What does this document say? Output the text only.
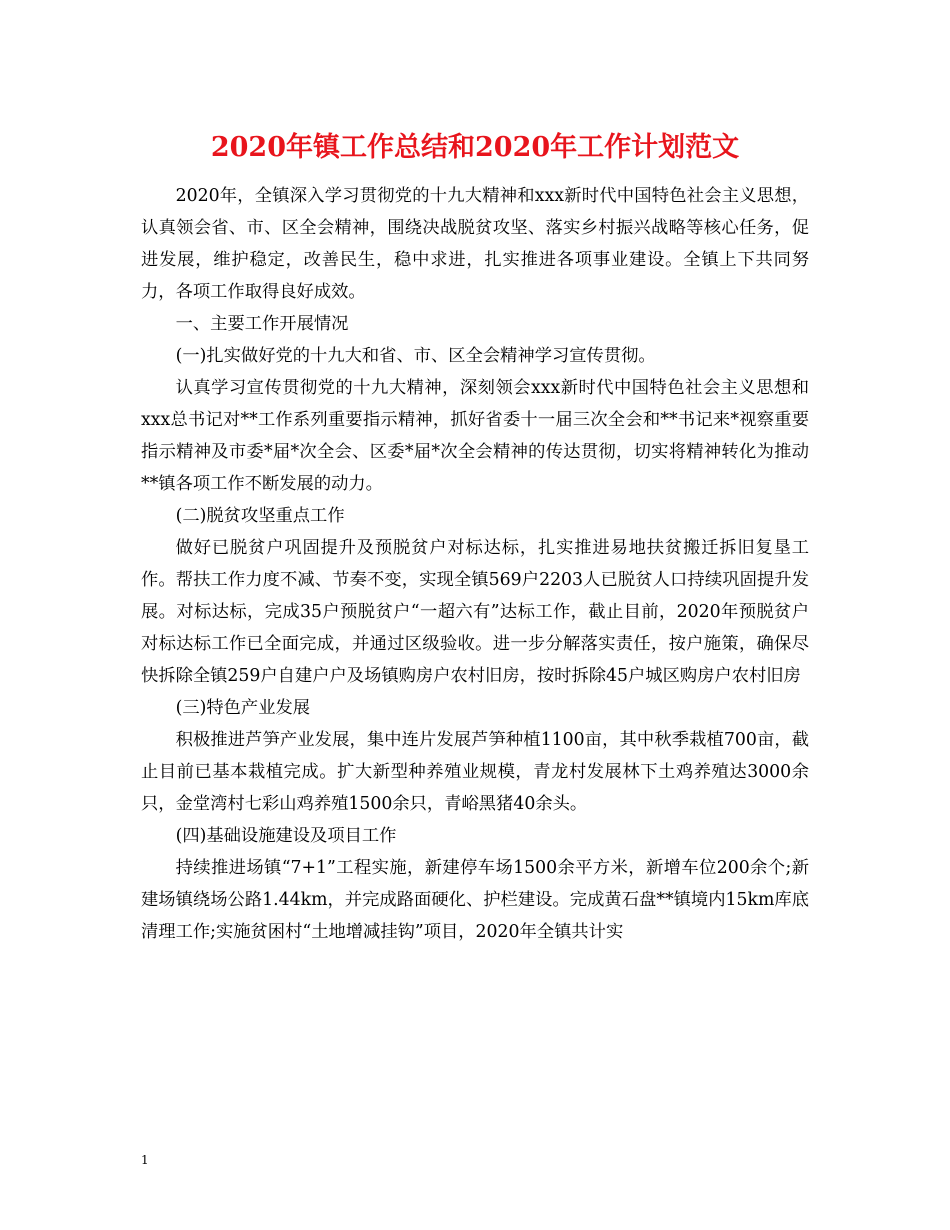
2020年镇工作总结和2020年工作计划范文

2020年，全镇深入学习贯彻党的十九大精神和xxx新时代中国特色社会主义思想，认真领会省、市、区全会精神，围绕决战脱贫攻坚、落实乡村振兴战略等核心任务，促进发展，维护稳定，改善民生，稳中求进，扎实推进各项事业建设。全镇上下共同努力，各项工作取得良好成效。

一、主要工作开展情况

(一)扎实做好党的十九大和省、市、区全会精神学习宣传贯彻。

认真学习宣传贯彻党的十九大精神，深刻领会xxx新时代中国特色社会主义思想和xxx总书记对**工作系列重要指示精神，抓好省委十一届三次全会和**书记来*视察重要指示精神及市委*届*次全会、区委*届*次全会精神的传达贯彻，切实将精神转化为推动**镇各项工作不断发展的动力。

(二)脱贫攻坚重点工作

做好已脱贫户巩固提升及预脱贫户对标达标，扎实推进易地扶贫搬迁拆旧复垦工作。帮扶工作力度不减、节奏不变，实现全镇569户2203人已脱贫人口持续巩固提升发展。对标达标，完成35户预脱贫户“一超六有”达标工作，截止目前，2020年预脱贫户对标达标工作已全面完成，并通过区级验收。进一步分解落实责任，按户施策，确保尽快拆除全镇259户自建户户及场镇购房户农村旧房，按时拆除45户城区购房户农村旧房

(三)特色产业发展

积极推进芦笋产业发展，集中连片发展芦笋种植1100亩，其中秋季栽植700亩，截止目前已基本栽植完成。扩大新型种养殖业规模，青龙村发展林下土鸡养殖达3000余只，金堂湾村七彩山鸡养殖1500余只，青峪黑猪40余头。

(四)基础设施建设及项目工作

持续推进场镇“7+1”工程实施，新建停车场1500余平方米，新增车位200余个;新建场镇绕场公路1.44km，并完成路面硬化、护栏建设。完成黄石盘**镇境内15km库底清理工作;实施贫困村“土地增减挂钩”项目，2020年全镇共计实

1
